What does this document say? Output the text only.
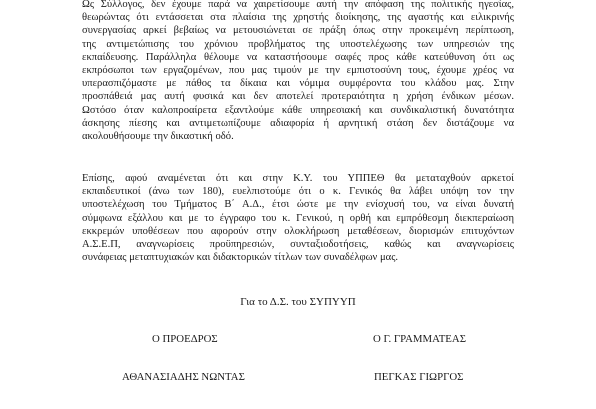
Ως Σύλλογος, δεν έχουμε παρά να χαιρετίσουμε αυτή την απόφαση της πολιτικής ηγεσίας,
θεωρώντας ότι εντάσσεται στα πλαίσια της χρηστής διοίκησης, της αγαστής και ειλικρινής
συνεργασίας αρκεί βεβαίως να μετουσιώνεται σε πράξη όπως στην προκειμένη περίπτωση,
της αντιμετώπισης του χρόνιου προβλήματος της υποστελέχωσης των υπηρεσιών της
εκπαίδευσης. Παράλληλα θέλουμε να καταστήσουμε σαφές προς κάθε κατεύθυνση ότι ως
εκπρόσωποι των εργαζομένων, που μας τιμούν με την εμπιστοσύνη τους, έχουμε χρέος να
υπερασπιζόμαστε με πάθος τα δίκαια και νόμιμα συμφέροντα του κλάδου μας. Στην
προσπάθειά μας αυτή φυσικά και δεν αποτελεί προτεραιότητα η χρήση ένδικων μέσων.
Ωστόσο όταν καλοπροαίρετα εξαντλούμε κάθε υπηρεσιακή και συνδικαλιστική δυνατότητα
άσκησης πίεσης και αντιμετωπίζουμε αδιαφορία ή αρνητική στάση δεν διστάζουμε να
ακολουθήσουμε την δικαστική οδό.
Επίσης, αφού αναμένεται ότι και στην Κ.Υ. του ΥΠΠΕΘ θα μεταταχθούν αρκετοί
εκπαιδευτικοί (άνω των 180), ευελπιστούμε ότι ο κ. Γενικός θα λάβει υπόψη τον την
υποστελέχωση του Τμήματος Β΄ Α.Δ., έτσι ώστε με την ενίσχυσή του, να είναι δυνατή
σύμφωνα εξάλλου και με το έγγραφο του κ. Γενικού, η ορθή και εμπρόθεσμη διεκπεραίωση
εκκρεμών υποθέσεων που αφορούν στην ολοκλήρωση μεταθέσεων, διορισμών επιτυχόντων
Α.Σ.Ε.Π, αναγνωρίσεις προϋπηρεσιών, συνταξιοδοτήσεις, καθώς και αναγνωρίσεις
συνάφειας μεταπτυχιακών και διδακτορικών τίτλων των συναδέλφων μας.
Για το Δ.Σ. του ΣΥΠΥΥΠ
Ο ΠΡΟΕΔΡΟΣ	Ο Γ. ΓΡΑΜΜΑΤΕΑΣ
ΑΘΑΝΑΣΙΑΔΗΣ ΝΩΝΤΑΣ	ΠΕΓΚΑΣ ΓΙΩΡΓΟΣ
